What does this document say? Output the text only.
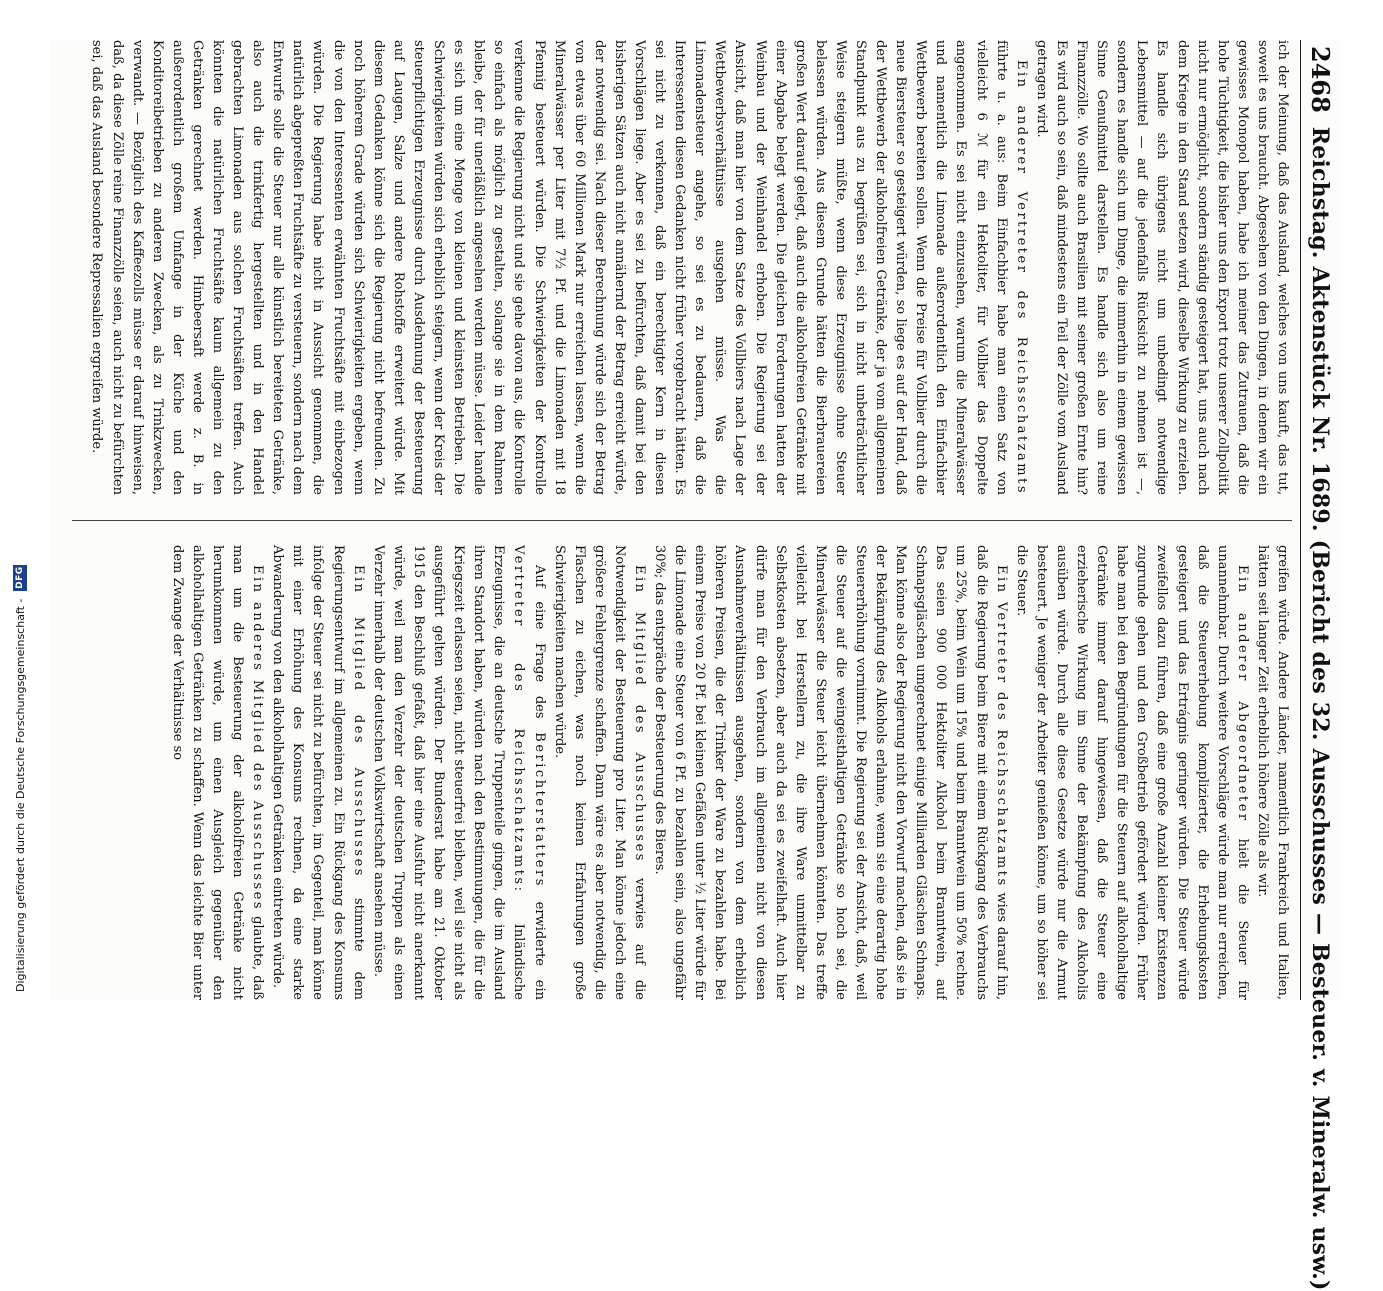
2468
Reichstag. Aktenstück Nr. 1689. (Bericht des 32. Ausschusses — Besteuer. v. Mineralw. usw.)

ich der Meinung, daß das Ausland, welches von uns kauft, das tut, soweit es uns braucht. Abgesehen von den Dingen, in denen wir ein gewisses Monopol haben, habe ich meiner das Zutrauen, daß die hohe Tüchtigkeit, die bisher uns den Export trotz unserer Zollpolitik nicht nur ermöglicht, sondern ständig gesteigert hat, uns auch nach dem Kriege in den Stand setzen wird, dieselbe Wirkung zu erzielen. Es handle sich übrigens nicht um unbedingt notwendige Lebensmittel — auf die jedenfalls Rücksicht zu nehmen ist —, sondern es handle sich um Dinge, die immerhin in einem gewissen Sinne Genußmittel darstellen. Es handle sich also um reine Finanzzölle. Wo sollte auch Brasilien mit seiner großen Ernte hin? Es wird auch so sein, daß mindestens ein Teil der Zölle vom Ausland getragen wird.

Ein anderer Vertreter des Reichsschatzamts führte u. a. aus: Beim Einfachbier habe man einen Satz von vielleicht 6 ℳ für ein Hektoliter, für Vollbier das Doppelte angenommen. Es sei nicht einzusehen, warum die Mineralwässer und namentlich die Limonade außerordentlich den Einfachbier Wettbewerb bereiten sollen. Wenn die Preise für Vollbier durch die neue Biersteuer so gesteigert würden, so liege es auf der Hand, daß der Wettbewerb der alkoholfreien Getränke, der ja vom allgemeinen Standpunkt aus zu begrüßen sei, sich in nicht unbeträchtlicher Weise steigern müßte, wenn diese Erzeugnisse ohne Steuer belassen würden. Aus diesem Grunde hätten die Bierbrauereien großen Wert darauf gelegt, daß auch die alkoholfreien Getränke mit einer Abgabe belegt werden. Die gleichen Forderungen hatten der Weinbau und der Weinhandel erhoben. Die Regierung sei der Ansicht, daß man hier von dem Satze des Vollbiers nach Lage der Wettbewerbsverhältnisse ausgehen müsse. Was die Limonadensteuer angehe, so sei es zu bedauern, daß die Interessenten diesen Gedanken nicht früher vorgebracht hätten. Es sei nicht zu verkennen, daß ein berechtigter Kern in diesen Vorschlägen liege. Aber es sei zu befürchten, daß damit bei den bisherigen Sätzen auch nicht annähernd der Betrag erreicht würde, der notwendig sei. Nach dieser Berechnung würde sich der Betrag von etwas über 60 Millionen Mark nur erreichen lassen, wenn die Mineralwässer per Liter mit 7½ Pf. und die Limonaden mit 18 Pfennig besteuert würden. Die Schwierigkeiten der Kontrolle verkenne die Regierung nicht und sie gehe davon aus, die Kontrolle so einfach als möglich zu gestalten, solange sie in dem Rahmen bleibe, der für unerläßlich angesehen werden müsse. Leider handle es sich um eine Menge von kleinen und kleinsten Betrieben. Die Schwierigkeiten würden sich erheblich steigern, wenn der Kreis der steuerpflichtigen Erzeugnisse durch Ausdehnung der Besteuerung auf Laugen, Salze und andere Rohstoffe erweitert würde. Mit diesem Gedanken könne sich die Regierung nicht befreunden. Zu noch höherem Grade würden sich Schwierigkeiten ergeben, wenn die von den Interessenten erwähnten Fruchtsäfte mit einbezogen würden. Die Regierung habe nicht in Aussicht genommen, die natürlich abgepreßten Fruchtsäfte zu versteuern, sondern nach dem Entwurfe solle die Steuer nur alle künstlich bereiteten Getränke, also auch die trinkfertig hergestellten und in den Handel gebrachten Limonaden aus solchen Fruchtsäften treffen. Auch könnten die natürlichen Fruchtsäfte kaum allgemein zu den Getränken gerechnet werden. Himbeersaft werde z. B. in außerordentlich großem Umfange in der Küche und den Konditoreibetrieben zu anderen Zwecken, als zu Trinkzwecken, verwandt. — Bezüglich des Kaffeezolls müsse er darauf hinweisen, daß, da diese Zölle reine Finanzzölle seien, auch nicht zu befürchten sei, daß das Ausland besondere Repressalien ergreifen würde.

greifen würde. Andere Länder, namentlich Frankreich und Italien, hätten seit langer Zeit erheblich höhere Zölle als wir.

Ein anderer Abgeordneter hielt die Steuer für unannehmbar. Durch weitere Vorschläge würde man nur erreichen, daß die Steuererhebung komplizierter, die Erhebungskosten gesteigert und das Ertrágnis geringer würden. Die Steuer würde zweifellos dazu führen, daß eine große Anzahl kleiner Existenzen zugrunde gehen und den Großbetrieb gefördert würden. Früher habe man bei den Begründungen für die Steuern auf alkoholhaltige Getränke immer darauf hingewiesen, daß die Steuer eine erzieherische Wirkung im Sinne der Bekämpfung des Alkoholis ausüben würde. Durch alle diese Gesetze würde nur die Armut besteuert. Je weniger der Arbeiter genießen könne, um so höher sei die Steuer.

Ein Vertreter des Reichsschatzamts wies darauf hin, daß die Regierung beim Biere mit einem Rückgang des Verbrauchs um 25%, beim Wein um 15% und beim Branntwein um 50% rechne. Das seien 900 000 Hektoliter Alkohol beim Branntwein, auf Schnapsgläschen umgerechnet einige Milliarden Gläschen Schnaps. Man könne also der Regierung nicht den Vorwurf machen, daß sie in der Bekämpfung des Alkohols erlahme, wenn sie eine derartig hohe Steuererhöhung vornimmt. Die Regierung sei der Ansicht, daß, weil die Steuer auf die weingeisthaltigen Getränke so hoch sei, die Mineralwässer die Steuer leicht übernehmen könnten. Das treffe vielleicht bei Herstellern zu, die ihre Ware unmittelbar zu Selbstkosten absetzen, aber auch da sei es zweifelhaft. Auch hier dürfe man für den Verbrauch im allgemeinen nicht von diesen Ausnahmeverhältnissen ausgehen, sondern von dem erheblich höheren Preisen, die der Trinker der Ware zu bezahlen habe. Bei einem Preise von 20 Pf. bei kleinen Gefäßen unter ½ Liter würde für die Limonade eine Steuer von 6 Pf. zu bezahlen sein, also ungefähr 30%; das entspräche der Besteuerung des Bieres.

Ein Mitglied des Ausschusses verwies auf die Notwendigkeit der Besteuerung pro Liter. Man könne jedoch eine größere Fehlergrenze schaffen. Dann wäre es aber notwendig, die Flaschen zu eichen, was noch keinen Erfahrungen große Schwierigkeiten machen würde.

Auf eine Frage des Berichterstatters erwiderte ein Vertreter des Reichsschatzamts: Inländische Erzeugnisse, die an deutsche Truppenteile gingen, die im Ausland ihren Standort haben, würden nach den Bestimmungen, die für die Kriegszeit erlassen seien, nicht steuerfrei bleiben, weil sie nicht als ausgeführt gelten würden. Der Bundesrat habe am 21. Oktober 1915 den Beschluß gefaßt, daß hier eine Ausfuhr nicht anerkannt würde, weil man den Verzehr der deutschen Truppen als einen Verzehr innerhalb der deutschen Volkswirtschaft ansehen müsse.

Ein Mitglied des Ausschusses stimmte dem Regierungsentwurf im allgemeinen zu. Ein Rückgang des Konsums infolge der Steuer sei nicht zu befürchten, im Gegenteil, man könne mit einer Erhöhung des Konsums rechnen, da eine starke Abwanderung von den alkoholhaltigen Getränken eintreten würde.

Ein anderes Mitglied des Ausschusses glaubte, daß man um die Besteuerung der alkoholfreien Getränke nicht herumkommen würde, um einen Ausgleich gegenüber den alkoholhaltigen Getränken zu schaffen. Wenn das leichte Bier unter dem Zwange der Verhältnisse so

Digitalisierung gefördert durch die Deutsche Forschungsgemeinschaft -
DFG
